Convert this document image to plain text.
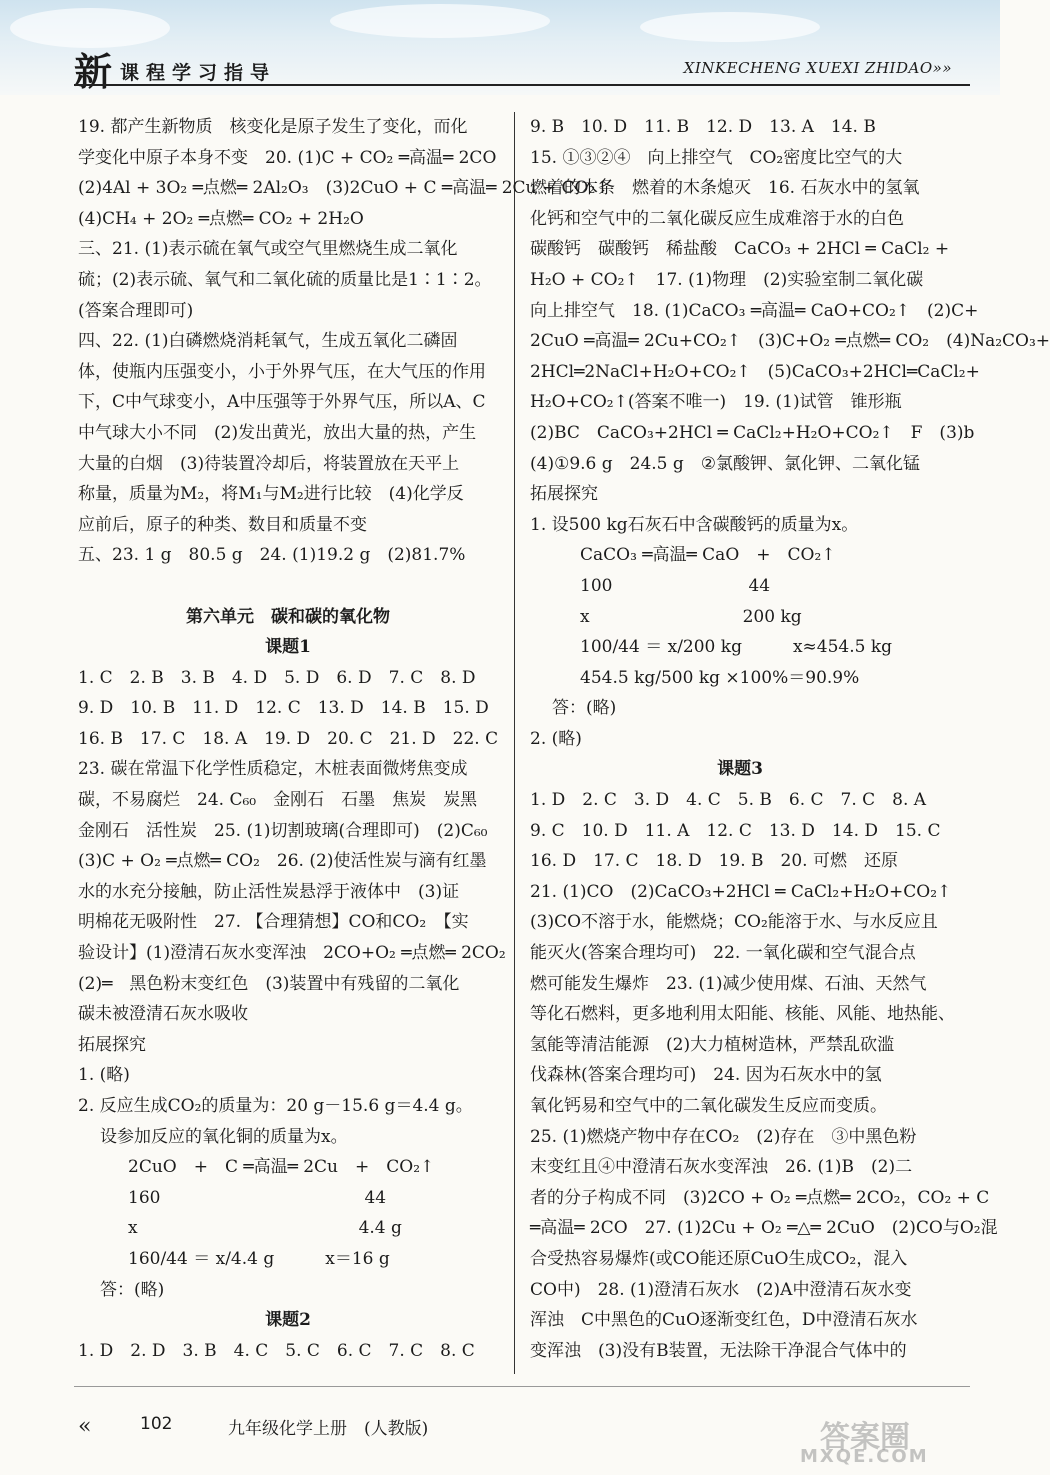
新 课程学习指导	XINKECHENG XUEXI ZHIDAO»»
19. 都产生新物质　核变化是原子发生了变化，而化
学变化中原子本身不变　20. (1)C + CO₂ ═高温═ 2CO
(2)4Al + 3O₂ ═点燃═ 2Al₂O₃　(3)2CuO + C ═高温═ 2Cu + CO₂↑
(4)CH₄ + 2O₂ ═点燃═ CO₂ + 2H₂O
三、21. (1)表示硫在氧气或空气里燃烧生成二氧化
硫；(2)表示硫、氧气和二氧化硫的质量比是1∶1∶2。
(答案合理即可)
四、22. (1)白磷燃烧消耗氧气，生成五氧化二磷固
体，使瓶内压强变小，小于外界气压，在大气压的作用
下，C中气球变小，A中压强等于外界气压，所以A、C
中气球大小不同　(2)发出黄光，放出大量的热，产生
大量的白烟　(3)待装置冷却后，将装置放在天平上
称量，质量为M₂，将M₁与M₂进行比较　(4)化学反
应前后，原子的种类、数目和质量不变
五、23. 1 g　80.5 g　24. (1)19.2 g　(2)81.7%
第六单元　碳和碳的氧化物
课题1
1. C　2. B　3. B　4. D　5. D　6. D　7. C　8. D
9. D　10. B　11. D　12. C　13. D　14. B　15. D
16. B　17. C　18. A　19. D　20. C　21. D　22. C
23. 碳在常温下化学性质稳定，木桩表面微烤焦变成
碳，不易腐烂　24. C₆₀　金刚石　石墨　焦炭　炭黑
金刚石　活性炭　25. (1)切割玻璃(合理即可)　(2)C₆₀
(3)C + O₂ ═点燃═ CO₂　26. (2)使活性炭与滴有红墨
水的水充分接触，防止活性炭悬浮于液体中　(3)证
明棉花无吸附性　27. 【合理猜想】CO和CO₂　【实
验设计】(1)澄清石灰水变浑浊　2CO+O₂ ═点燃═ 2CO₂
(2)═　黑色粉末变红色　(3)装置中有残留的二氧化
碳未被澄清石灰水吸收
拓展探究
1. (略)
2. 反应生成CO₂的质量为：20 g－15.6 g＝4.4 g。
设参加反应的氧化铜的质量为x。
2CuO　+　C ═高温═ 2Cu　+　CO₂↑
160　　　　　　　　　　　　44
x　　　　　　　　　　　　　4.4 g
160/44 ＝ x/4.4 g　　　x＝16 g
答：(略)
课题2
1. D　2. D　3. B　4. C　5. C　6. C　7. C　8. C
9. B　10. D　11. B　12. D　13. A　14. B
15. ①③②④　向上排空气　CO₂密度比空气的大
燃着的木条　燃着的木条熄灭　16. 石灰水中的氢氧
化钙和空气中的二氧化碳反应生成难溶于水的白色
碳酸钙　碳酸钙　稀盐酸　CaCO₃ + 2HCl ═ CaCl₂ +
H₂O + CO₂↑　17. (1)物理　(2)实验室制二氧化碳
向上排空气　18. (1)CaCO₃ ═高温═ CaO+CO₂↑　(2)C+
2CuO ═高温═ 2Cu+CO₂↑　(3)C+O₂ ═点燃═ CO₂　(4)Na₂CO₃+
2HCl═2NaCl+H₂O+CO₂↑　(5)CaCO₃+2HCl═CaCl₂+
H₂O+CO₂↑(答案不唯一)　19. (1)试管　锥形瓶
(2)BC　CaCO₃+2HCl ═ CaCl₂+H₂O+CO₂↑　F　(3)b
(4)①9.6 g　24.5 g　②氯酸钾、氯化钾、二氧化锰
拓展探究
1. 设500 kg石灰石中含碳酸钙的质量为x。
CaCO₃ ═高温═ CaO　+　CO₂↑
100　　　　　　　　44
x　　　　　　　　　200 kg
100/44 ＝ x/200 kg　　　x≈454.5 kg
454.5 kg/500 kg ×100%＝90.9%
答：(略)
2. (略)
课题3
1. D　2. C　3. D　4. C　5. B　6. C　7. C　8. A
9. C　10. D　11. A　12. C　13. D　14. D　15. C
16. D　17. C　18. D　19. B　20. 可燃　还原
21. (1)CO　(2)CaCO₃+2HCl ═ CaCl₂+H₂O+CO₂↑
(3)CO不溶于水，能燃烧；CO₂能溶于水、与水反应且
能灭火(答案合理均可)　22. 一氧化碳和空气混合点
燃可能发生爆炸　23. (1)减少使用煤、石油、天然气
等化石燃料，更多地利用太阳能、核能、风能、地热能、
氢能等清洁能源　(2)大力植树造林，严禁乱砍滥
伐森林(答案合理均可)　24. 因为石灰水中的氢
氧化钙易和空气中的二氧化碳发生反应而变质。
25. (1)燃烧产物中存在CO₂　(2)存在　③中黑色粉
末变红且④中澄清石灰水变浑浊　26. (1)B　(2)二
者的分子构成不同　(3)2CO + O₂ ═点燃═ 2CO₂，CO₂ + C
═高温═ 2CO　27. (1)2Cu + O₂ ═△═ 2CuO　(2)CO与O₂混
合受热容易爆炸(或CO能还原CuO生成CO₂，混入
CO中)　28. (1)澄清石灰水　(2)A中澄清石灰水变
浑浊　C中黑色的CuO逐渐变红色，D中澄清石灰水
变浑浊　(3)没有B装置，无法除干净混合气体中的
«	102	九年级化学上册　(人教版)	答案圈
MXQE.COM
